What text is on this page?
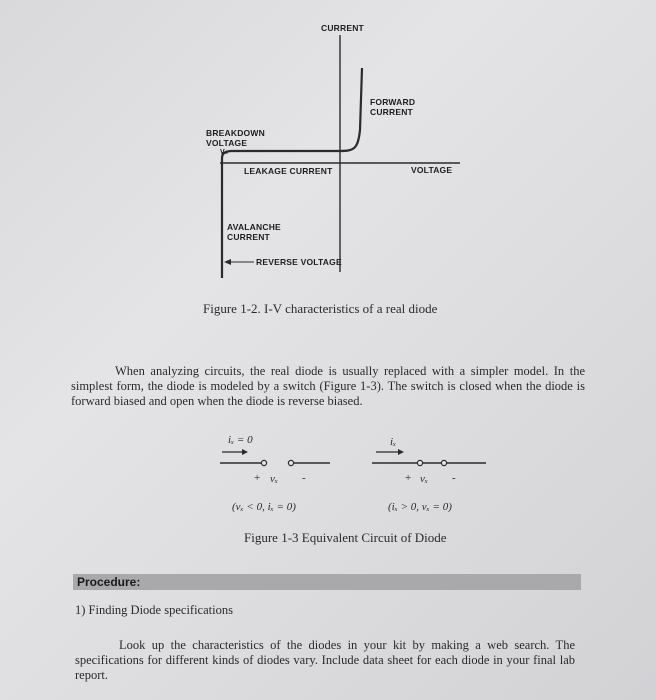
CURRENT
FORWARD
CURRENT
BREAKDOWN
VOLTAGE
V₀
LEAKAGE CURRENT	VOLTAGE
AVALANCHE
CURRENT
REVERSE VOLTAGE
Figure 1-2. I-V characteristics of a real diode
When analyzing circuits, the real diode is usually replaced with a simpler model. In the simplest form, the diode is modeled by a switch (Figure 1-3). The switch is closed when the diode is forward biased and open when the diode is reverse biased.
iₓ = 0
+ vₓ -
(vₓ < 0, iₓ = 0)
iₓ
+ vₓ -
(iₓ > 0, vₓ = 0)
Figure 1-3 Equivalent Circuit of Diode
Procedure:
1) Finding Diode specifications
Look up the characteristics of the diodes in your kit by making a web search. The specifications for different kinds of diodes vary. Include data sheet for each diode in your final lab report.
